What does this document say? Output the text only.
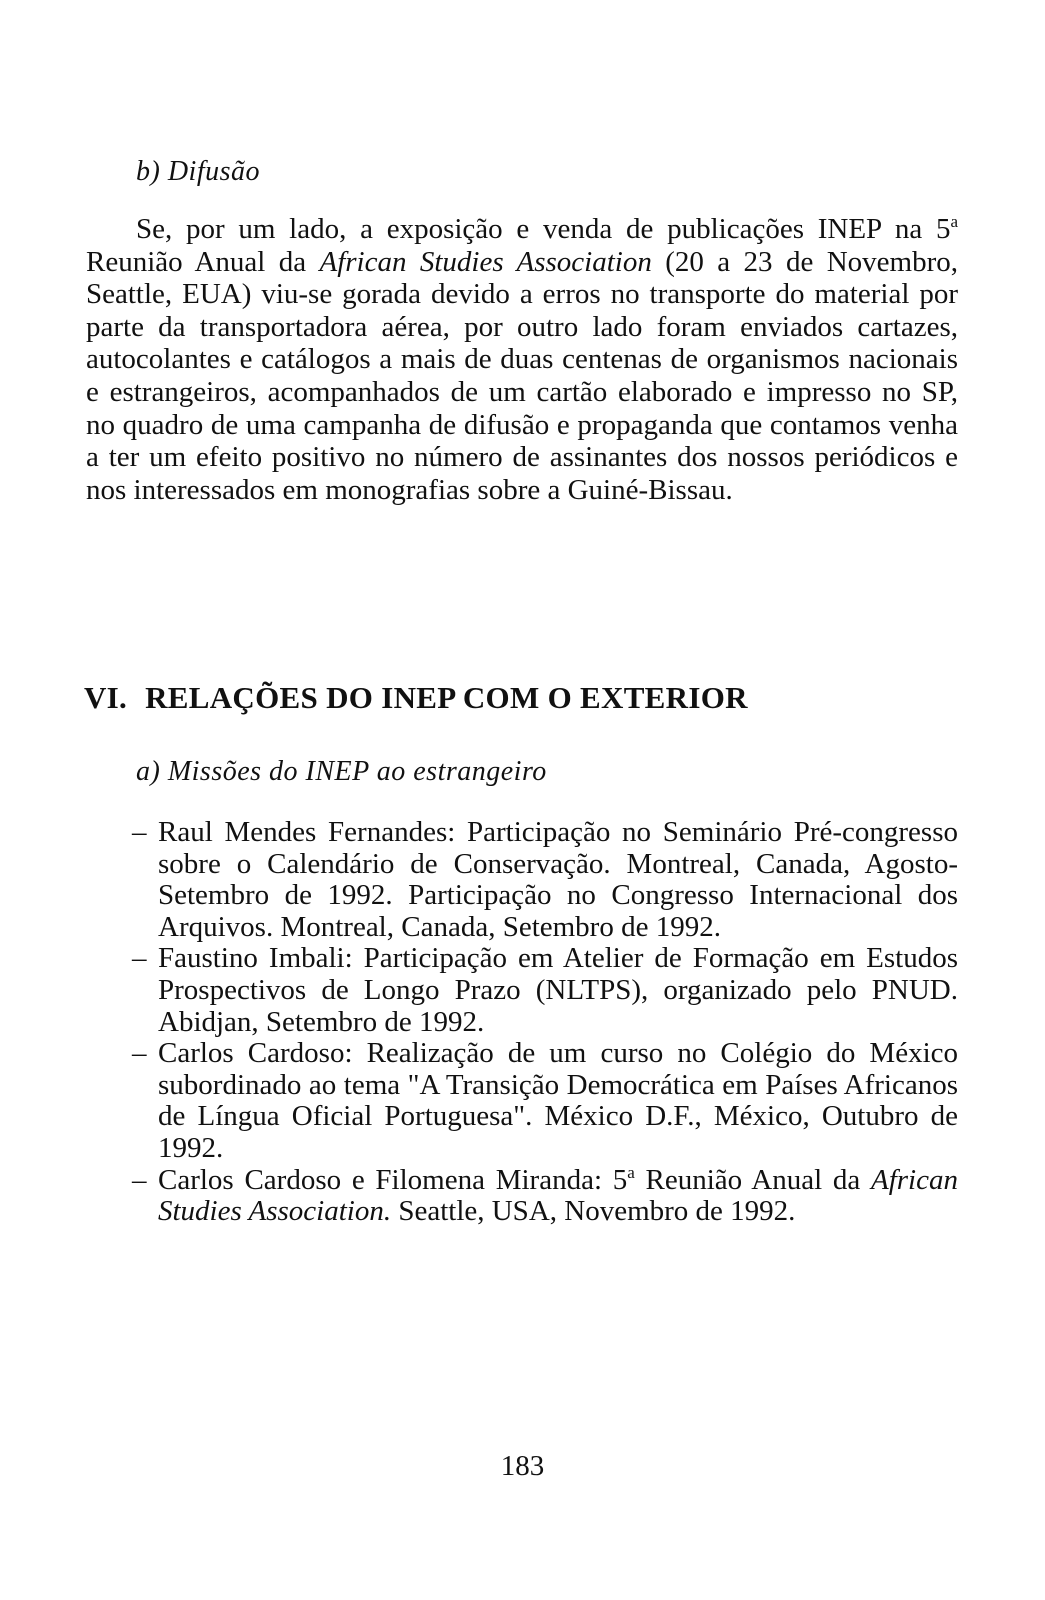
b) Difusão

Se, por um lado, a exposição e venda de publicações INEP na 5$^a$ Reunião Anual da African Studies Association (20 a 23 de Novembro, Seattle, EUA) viu-se gorada devido a erros no transporte do material por parte da transportadora aérea, por outro lado foram enviados cartazes, autocolantes e catálogos a mais de duas centenas de organismos nacionais e estrangeiros, acompanhados de um cartão elaborado e impresso no SP, no quadro de uma campanha de difusão e propaganda que contamos venha a ter um efeito positivo no número de assinantes dos nossos periódicos e nos interessados em monografias sobre a Guiné-Bissau.

VI. RELAÇÕES DO INEP COM O EXTERIOR
a) Missões do INEP ao estrangeiro
– Raul Mendes Fernandes: Participação no Seminário Pré-congresso sobre o Calendário de Conservação. Montreal, Canada, Agosto-Setembro de 1992. Participação no Congresso Internacional dos Arquivos. Montreal, Canada, Setembro de 1992.
– Faustino Imbali: Participação em Atelier de Formação em Estudos Prospectivos de Longo Prazo (NLTPS), organizado pelo PNUD. Abidjan, Setembro de 1992.
– Carlos Cardoso: Realização de um curso no Colégio do México subordinado ao tema "A Transição Democrática em Países Africanos de Língua Oficial Portuguesa". México D.F., México, Outubro de 1992.
– Carlos Cardoso e Filomena Miranda: 5$^a$ Reunião Anual da African Studies Association. Seattle, USA, Novembro de 1992.
183
